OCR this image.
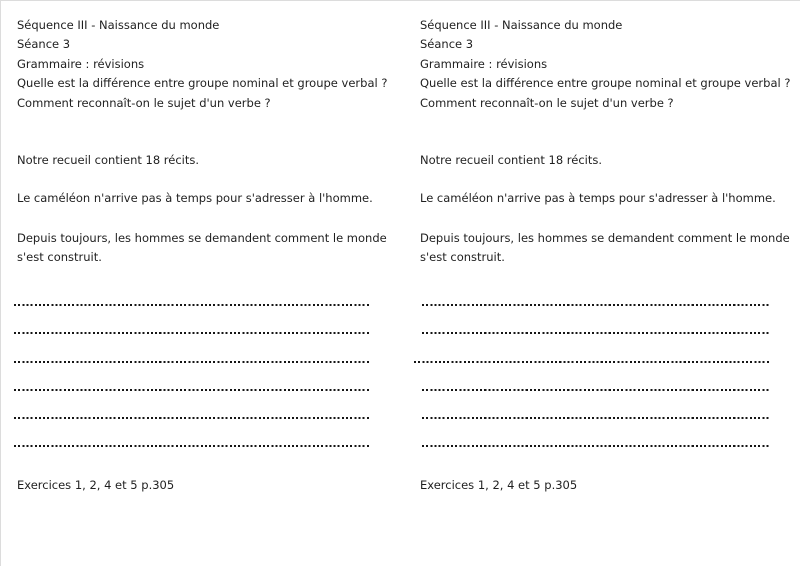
Séquence III - Naissance du monde
Séance 3
Grammaire : révisions
Quelle est la différence entre groupe nominal et groupe verbal ?
Comment reconnaît-on le sujet d'un verbe ?
Notre recueil contient 18 récits.
Le caméléon n'arrive pas à temps pour s'adresser à l'homme.
Depuis toujours, les hommes se demandent comment le monde
s'est construit.
Exercices 1, 2, 4 et 5 p.305
Séquence III - Naissance du monde
Séance 3
Grammaire : révisions
Quelle est la différence entre groupe nominal et groupe verbal ?
Comment reconnaît-on le sujet d'un verbe ?
Notre recueil contient 18 récits.
Le caméléon n'arrive pas à temps pour s'adresser à l'homme.
Depuis toujours, les hommes se demandent comment le monde
s'est construit.
Exercices 1, 2, 4 et 5 p.305
